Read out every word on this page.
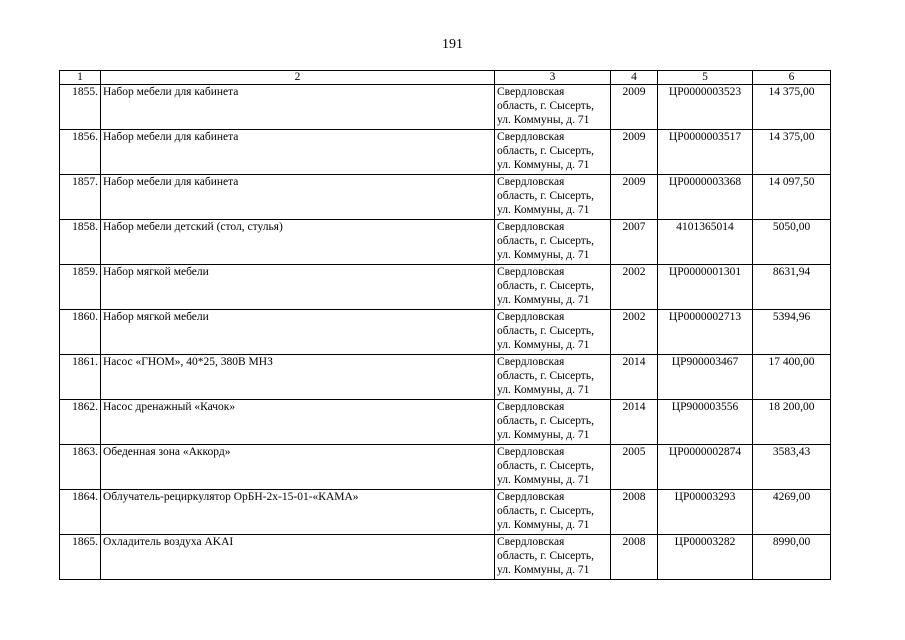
191
1	2	3	4	5	6
1855.	Набор мебели для кабинета	Свердловская
область, г. Сысерть,
ул. Коммуны, д. 71	2009	ЦР0000003523	14 375,00
1856.	Набор мебели для кабинета	Свердловская
область, г. Сысерть,
ул. Коммуны, д. 71	2009	ЦР0000003517	14 375,00
1857.	Набор мебели для кабинета	Свердловская
область, г. Сысерть,
ул. Коммуны, д. 71	2009	ЦР0000003368	14 097,50
1858.	Набор мебели детский (стол, стулья)	Свердловская
область, г. Сысерть,
ул. Коммуны, д. 71	2007	4101365014	5050,00
1859.	Набор мягкой мебели	Свердловская
область, г. Сысерть,
ул. Коммуны, д. 71	2002	ЦР0000001301	8631,94
1860.	Набор мягкой мебели	Свердловская
область, г. Сысерть,
ул. Коммуны, д. 71	2002	ЦР0000002713	5394,96
1861.	Насос «ГНОМ», 40*25, 380В МНЗ	Свердловская
область, г. Сысерть,
ул. Коммуны, д. 71	2014	ЦР900003467	17 400,00
1862.	Насос дренажный «Качок»	Свердловская
область, г. Сысерть,
ул. Коммуны, д. 71	2014	ЦР900003556	18 200,00
1863.	Обеденная зона «Аккорд»	Свердловская
область, г. Сысерть,
ул. Коммуны, д. 71	2005	ЦР0000002874	3583,43
1864.	Облучатель-рециркулятор ОрБН-2х-15-01-«КАМА»	Свердловская
область, г. Сысерть,
ул. Коммуны, д. 71	2008	ЦР00003293	4269,00
1865.	Охладитель воздуха AKAI	Свердловская
область, г. Сысерть,
ул. Коммуны, д. 71	2008	ЦР00003282	8990,00
